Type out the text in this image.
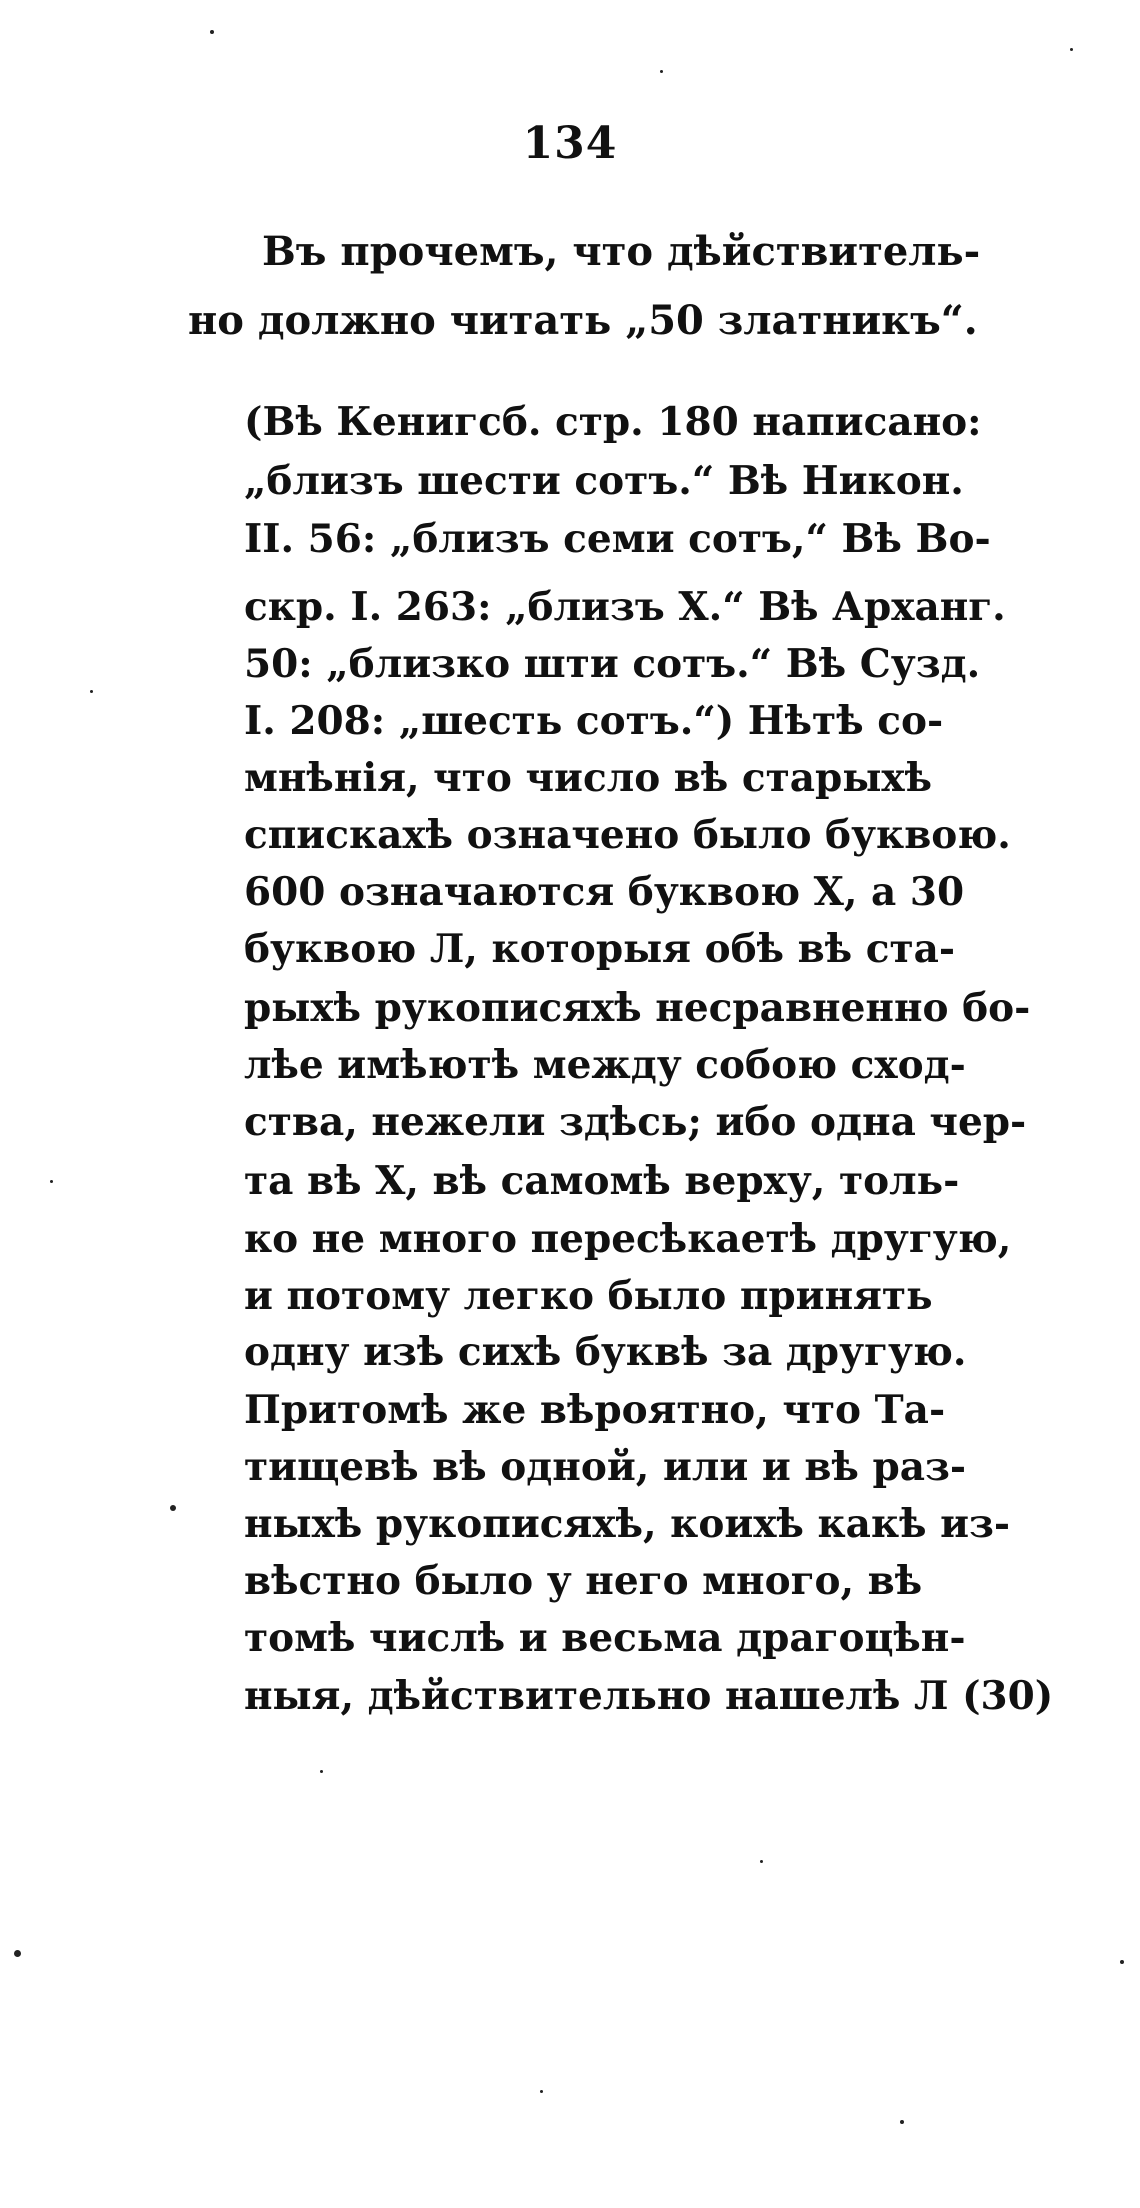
134
Въ прочемъ, что дѣйствитель-
но должно читать „50 златникъ“.
(Вѣ Кенигсб. стр. 180 написано:
„близъ шести сотъ.“ Вѣ Никон.
II. 56: „близъ семи сотъ,“ Вѣ Во-
скр. I. 263: „близъ Х.“ Вѣ Арханг.
50: „близко шти сотъ.“ Вѣ Сузд.
I. 208: „шесть сотъ.“) Нѣтѣ со-
мнѣнія, что число вѣ старыхѣ
спискахѣ означено было буквою.
600 означаются буквою Х, а 30
буквою Л, которыя обѣ вѣ ста-
рыхѣ рукописяхѣ несравненно бо-
лѣе имѣютѣ между собою сход-
ства, нежели здѣсь; ибо одна чер-
та вѣ Х, вѣ самомѣ верху, толь-
ко не много пересѣкаетѣ другую,
и потому легко было принять
одну изѣ сихѣ буквѣ за другую.
Притомѣ же вѣроятно, что Та-
тищевѣ вѣ одной, или и вѣ раз-
ныхѣ рукописяхѣ, коихѣ какѣ из-
вѣстно было у него много, вѣ
томѣ числѣ и весьма драгоцѣн-
ныя, дѣйствительно нашелѣ Л (30)
